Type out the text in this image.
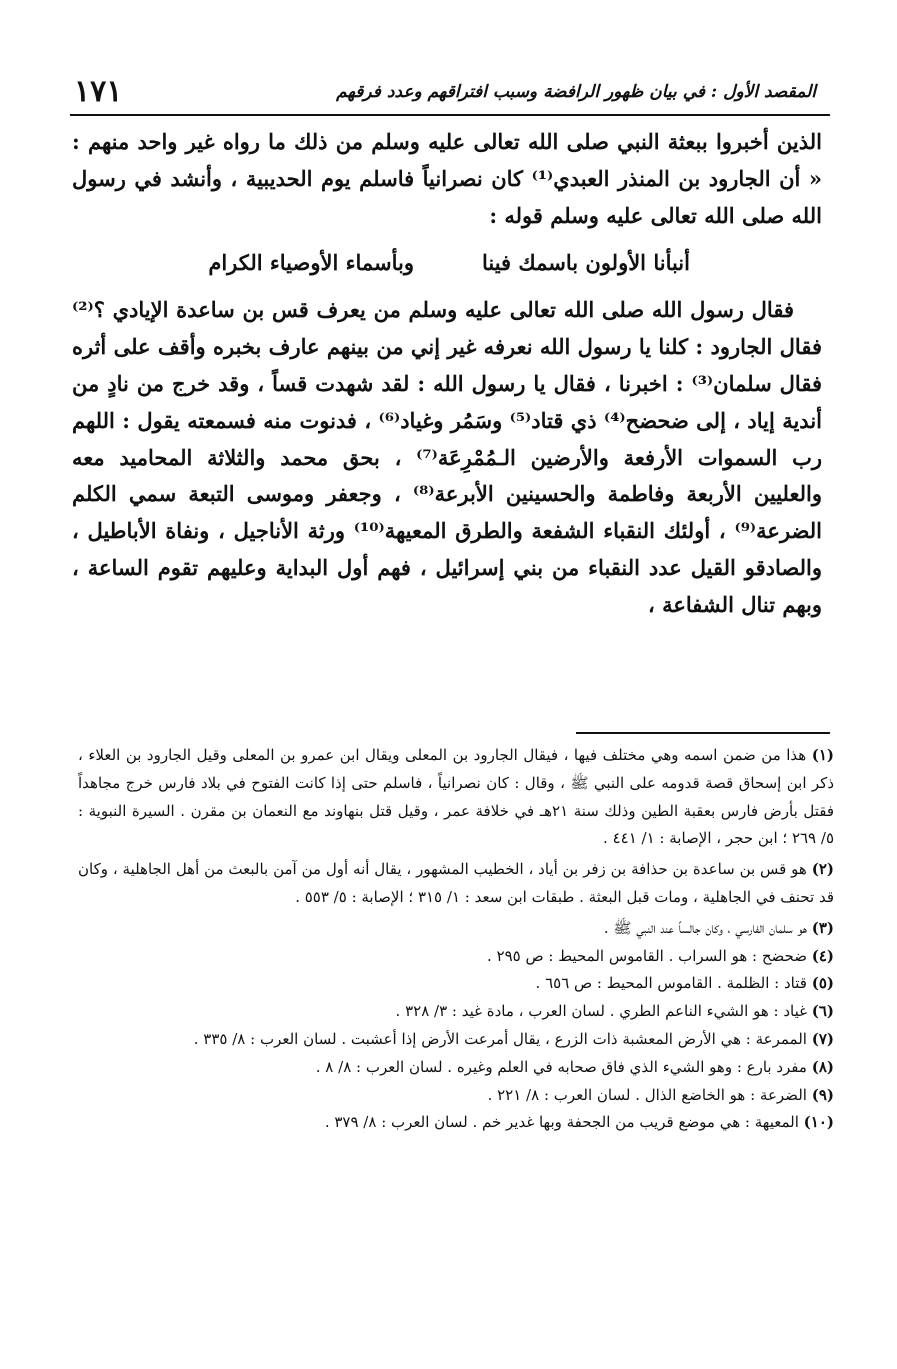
١٧١	المقصد الأول : في بيان ظهور الرافضة وسبب افتراقهم وعدد فرقهم

الذين أخبروا ببعثة النبي صلى الله تعالى عليه وسلم من ذلك ما رواه غير واحد منهم : « أن الجارود بن المنذر العبدي⁽¹⁾ كان نصرانياً فاسلم يوم الحديبية ، وأنشد في رسول الله صلى الله تعالى عليه وسلم قوله :

أنبأنا الأولون باسمك فينا
وبأسماء الأوصياء الكرام

فقال رسول الله صلى الله تعالى عليه وسلم من يعرف قس بن ساعدة الإيادي ؟⁽²⁾ فقال الجارود : كلنا يا رسول الله نعرفه غير إني من بينهم عارف بخبره وأقف على أثره فقال سلمان⁽³⁾ : اخبرنا ، فقال يا رسول الله : لقد شهدت قساً ، وقد خرج من نادٍ من أندية إياد ، إلى ضحضح⁽⁴⁾ ذي قتاد⁽⁵⁾ وسَمُر وغياد⁽⁶⁾ ، فدنوت منه فسمعته يقول : اللهم رب السموات الأرفعة والأرضين الـمُمْرِعَة⁽⁷⁾ ، بحق محمد والثلاثة المحاميد معه والعليين الأربعة وفاطمة والحسينين الأبرعة⁽⁸⁾ ، وجعفر وموسى التبعة سمي الكلم الضرعة⁽⁹⁾ ، أولئك النقباء الشفعة والطرق المعيهة⁽¹⁰⁾ ورثة الأناجيل ، ونفاة الأباطيل ، والصادقو القيل عدد النقباء من بني إسرائيل ، فهم أول البداية وعليهم تقوم الساعة ، وبهم تنال الشفاعة ،

(١) هذا من ضمن اسمه وهي مختلف فيها ، فيقال الجارود بن المعلى ويقال ابن عمرو بن المعلى وقيل الجارود بن العلاء ، ذكر ابن إسحاق قصة قدومه على النبي ﷺ ، وقال : كان نصرانياً ، فاسلم حتى إذا كانت الفتوح في بلاد فارس خرج مجاهداً فقتل بأرض فارس بعقبة الطين وذلك سنة ٢١هـ في خلافة عمر ، وقيل قتل بنهاوند مع النعمان بن مقرن . السيرة النبوية : ٥/ ٢٦٩ ؛ ابن حجر ، الإصابة : ١/ ٤٤١ .

(٢) هو قس بن ساعدة بن حذافة بن زفر بن أياد ، الخطيب المشهور ، يقال أنه أول من آمن بالبعث من أهل الجاهلية ، وكان قد تحنف في الجاهلية ، ومات قبل البعثة . طبقات ابن سعد : ١/ ٣١٥ ؛ الإصابة : ٥/ ٥٥٣ .

(٣) هو سلمان الفارسي ، وكان جالساً عند النبي ﷺ .

(٤) ضحضح : هو السراب . القاموس المحيط : ص ٢٩٥ .

(٥) قتاد : الظلمة . القاموس المحيط : ص ٦٥٦ .

(٦) غياد : هو الشيء الناعم الطري . لسان العرب ، مادة غيد : ٣/ ٣٢٨ .

(٧) الممرعة : هي الأرض المعشبة ذات الزرع ، يقال أمرعت الأرض إذا أعشبت . لسان العرب : ٨/ ٣٣٥ .

(٨) مفرد بارع : وهو الشيء الذي فاق صحابه في العلم وغيره . لسان العرب : ٨/ ٨ .

(٩) الضرعة : هو الخاضع الذال . لسان العرب : ٨/ ٢٢١ .

(١٠) المعيهة : هي موضع قريب من الجحفة وبها غدير خم . لسان العرب : ٨/ ٣٧٩ .
